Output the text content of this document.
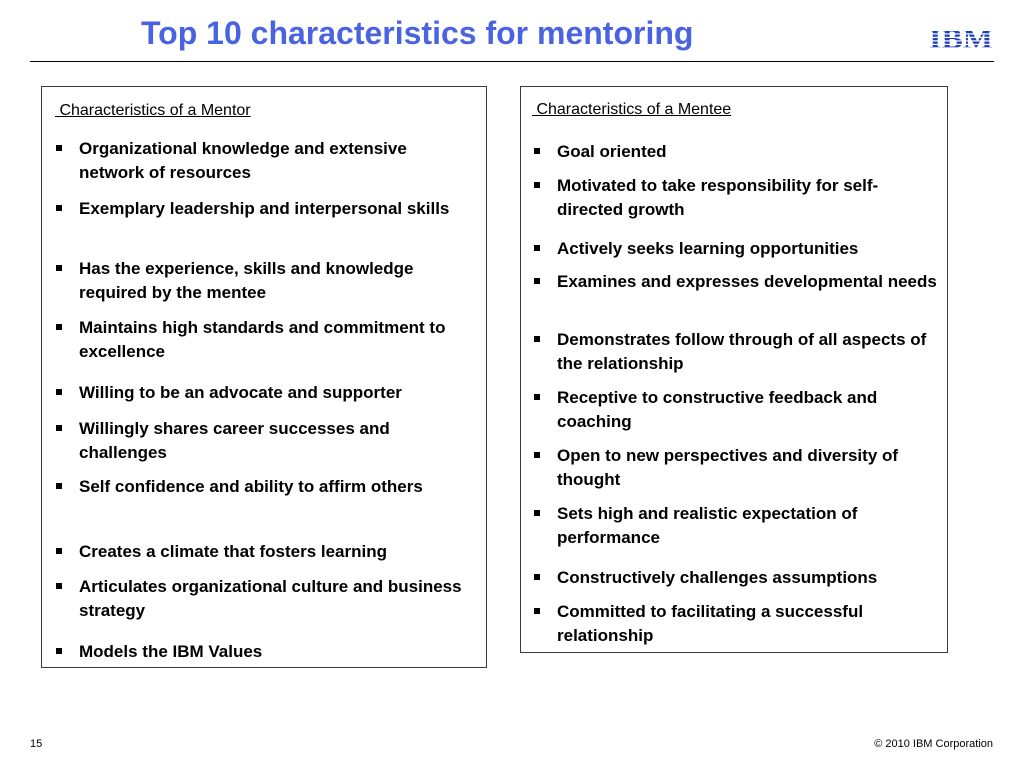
Top 10 characteristics for mentoring	IBM
Characteristics of a Mentor
Organizational knowledge and extensive network of resources
Exemplary leadership and interpersonal skills
Has the experience, skills and knowledge required by the mentee
Maintains high standards and commitment to excellence
Willing to be an advocate and supporter
Willingly shares career successes and challenges
Self confidence and ability to affirm others
Creates a climate that fosters learning
Articulates organizational culture and business strategy
Models the IBM Values
Characteristics of a Mentee
Goal oriented
Motivated to take responsibility for self-directed growth
Actively seeks learning opportunities
Examines and expresses developmental needs
Demonstrates follow through of all aspects of the relationship
Receptive to constructive feedback and coaching
Open to new perspectives and diversity of thought
Sets high and realistic expectation of performance
Constructively challenges assumptions
Committed to facilitating a successful relationship
15	© 2010 IBM Corporation
